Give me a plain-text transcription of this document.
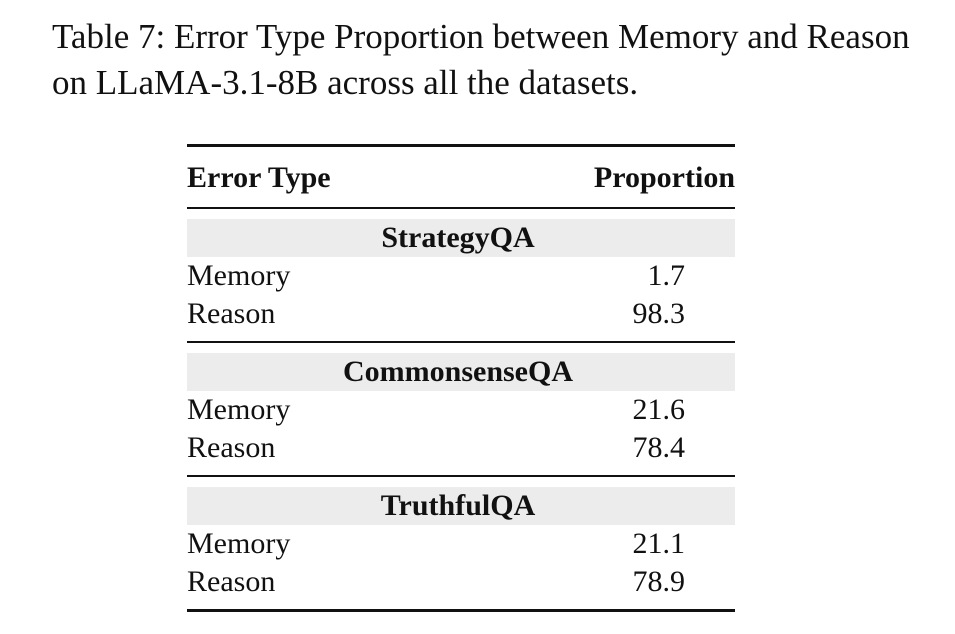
Table 7: Error Type Proportion between Memory and Reason on LLaMA-3.1-8B across all the datasets.

Error Type	Proportion
StrategyQA
Memory	1.7
Reason	98.3
CommonsenseQA
Memory	21.6
Reason	78.4
TruthfulQA
Memory	21.1
Reason	78.9
